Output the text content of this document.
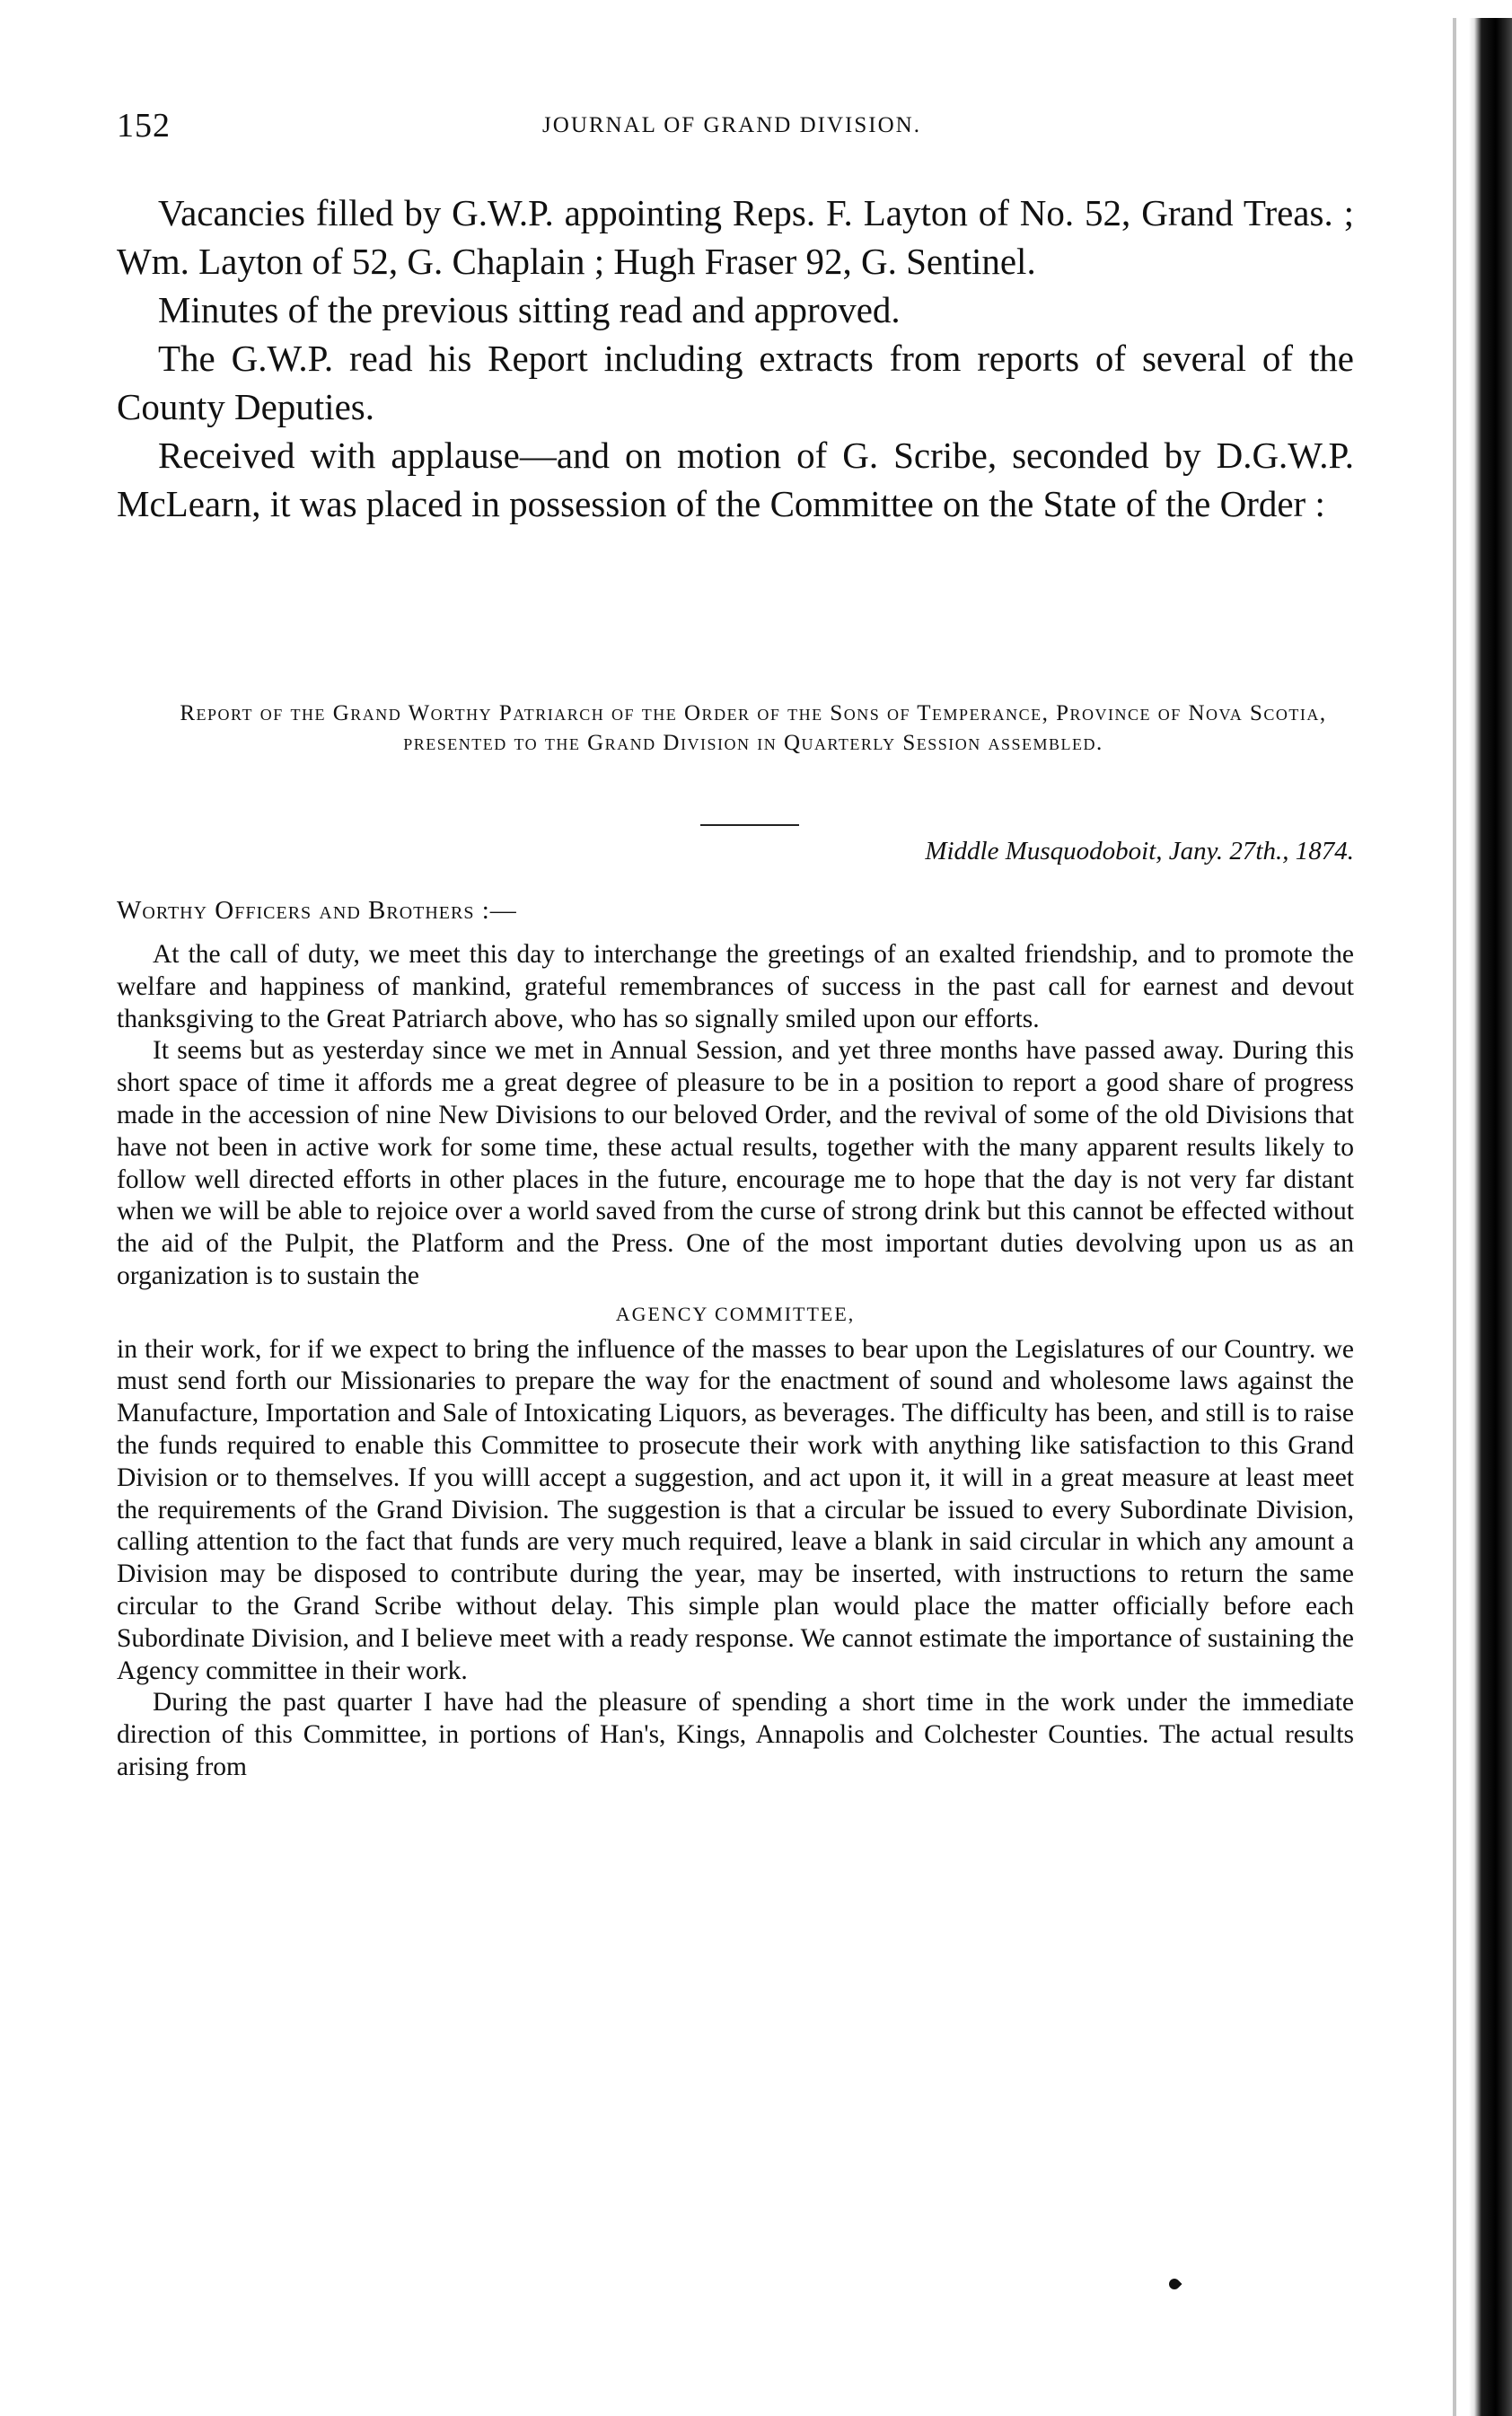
152	JOURNAL OF GRAND DIVISION.

Vacancies filled by G.W.P. appointing Reps. F. Layton of No. 52, Grand Treas. ; Wm. Layton of 52, G. Chaplain ; Hugh Fraser 92, G. Sentinel.

Minutes of the previous sitting read and approved.

The G.W.P. read his Report including extracts from reports of several of the County Deputies.

Received with applause—and on motion of G. Scribe, seconded by D.G.W.P. McLearn, it was placed in possession of the Committee on the State of the Order :

Report of the Grand Worthy Patriarch of the Order of the Sons of Temperance, Province of Nova Scotia, presented to the Grand Division in Quarterly Session assembled.
Middle Musquodoboit, Jany. 27th., 1874.
Worthy Officers and Brothers :—

At the call of duty, we meet this day to interchange the greetings of an exalted friendship, and to promote the welfare and happiness of mankind, grateful remembrances of success in the past call for earnest and devout thanksgiving to the Great Patriarch above, who has so signally smiled upon our efforts.

It seems but as yesterday since we met in Annual Session, and yet three months have passed away. During this short space of time it affords me a great degree of pleasure to be in a position to report a good share of progress made in the accession of nine New Divisions to our beloved Order, and the revival of some of the old Divisions that have not been in active work for some time, these actual results, together with the many apparent results likely to follow well directed efforts in other places in the future, encourage me to hope that the day is not very far distant when we will be able to rejoice over a world saved from the curse of strong drink but this cannot be effected without the aid of the Pulpit, the Platform and the Press. One of the most important duties devolving upon us as an organization is to sustain the

AGENCY COMMITTEE,

in their work, for if we expect to bring the influence of the masses to bear upon the Legislatures of our Country. we must send forth our Missionaries to prepare the way for the enactment of sound and wholesome laws against the Manufacture, Importation and Sale of Intoxicating Liquors, as beverages. The difficulty has been, and still is to raise the funds required to enable this Committee to prosecute their work with anything like satisfaction to this Grand Division or to themselves. If you willl accept a suggestion, and act upon it, it will in a great measure at least meet the requirements of the Grand Division. The suggestion is that a circular be issued to every Subordinate Division, calling attention to the fact that funds are very much required, leave a blank in said circular in which any amount a Division may be disposed to contribute during the year, may be inserted, with instructions to return the same circular to the Grand Scribe without delay. This simple plan would place the matter officially before each Subordinate Division, and I believe meet with a ready response. We cannot estimate the importance of sustaining the Agency committee in their work.

During the past quarter I have had the pleasure of spending a short time in the work under the immediate direction of this Committee, in portions of Han's, Kings, Annapolis and Colchester Counties. The actual results arising from
